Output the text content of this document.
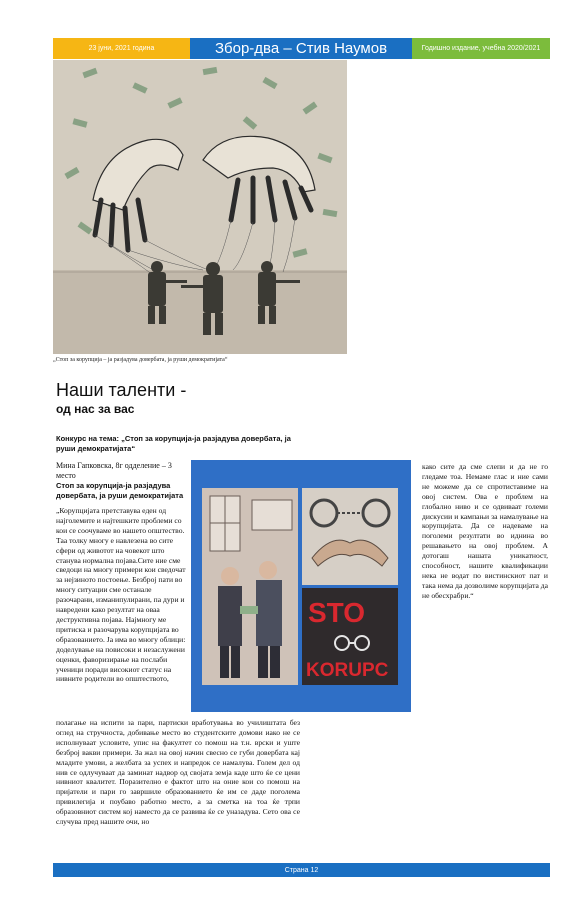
23 јуни, 2021 година	Збор-два – Стив Наумов	Годишно издание, учебна 2020/2021
„Стоп за корупција – ја разјадува довербата, ја руши демократијата“
Наши таленти -
од нас за вас
Конкурс на тема: „Стоп за корупција-ја разјадува довербата, ја руши демократијата“
Мина Гапковска, 8г одделение – 3 место
Стоп за корупција-ја разјадува довербата, ја руши демократијата

„Корупцијата претставува еден од најголемите и најтешките проблеми со кои се соочуваме во нашето општество. Таа толку многу е навлезена во сите сфери од животот на човекот што станува нормална појава.Сите ние сме сведоци на многу примери кои сведочат за нејзиното постоење. Безброј пати во многу ситуации сме останале разочарани, изманипулирани, па дури и навредени како резултат на оваа деструктивна појава. Најмногу ме притиска и разочарува корупцијата во образованието. Ја има во многу облици: доделување на повисоки и незаслужени оценки, фаворизирање на послаби ученици поради високиот статус на нивните родители во општеството,

STO
KORUPC

како сите да сме слепи и да не го гледаме тоа. Немаме глас и ние сами не можеме да се спротиставиме на овој систем. Ова е проблем на глобално ниво и се одвиваат големи дискусии и кампањи за намалување на корупцијата. Да се надеваме на поголеми резултати во иднина во решавањето на овој проблем. А дотогаш нашата уникатност, способност, нашите квалификации нека не водат по вистинскиот пат и така нема да дозволиме корупцијата да не обесхрабри.“

полагање на испити за пари, партиски вработувања во училиштата без оглед на стручноста, добивање место во студентските домови иако не се исполнуваат условите, упис на факултет со помош на т.н. врски и уште безброј вакви примери. За жал на овој начин свесно се губи довербата кај младите умови, а желбата за успех и напредок се намалува. Голем дел од нив се одлучуваат да заминат надвор од својата земја каде што ќе се цени нивниот квалитет. Поразително е фактот што на оние кои со помош на пријатели и пари го завршиле образованието ќе им се даде поголема привилегија и поубаво работно место, а за сметка на тоа ќе трпи образовниот систем кој наместо да се развива ќе се уназадува. Сето ова се случува пред нашите очи, но

Страна 12
